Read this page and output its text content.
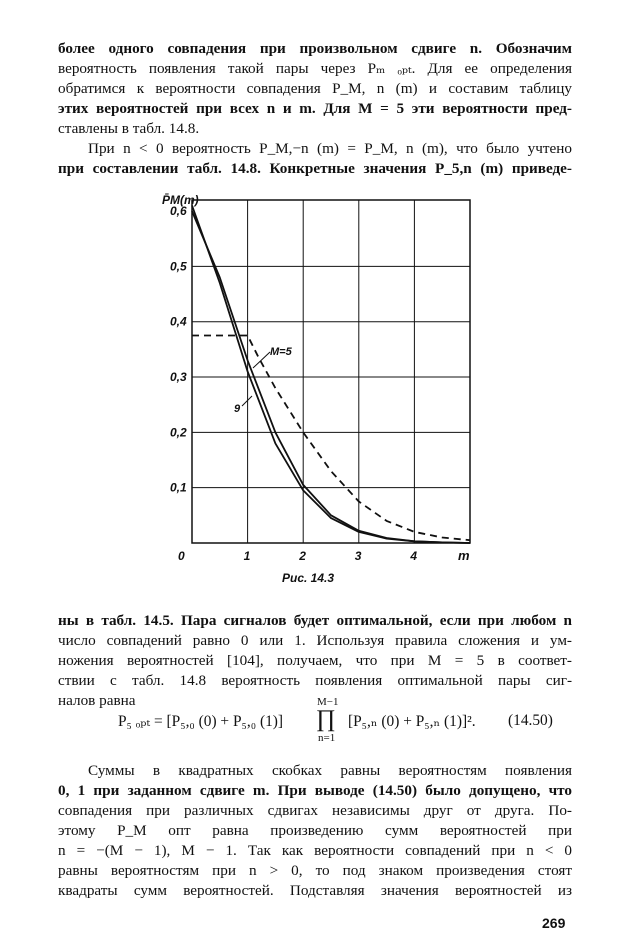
более одного совпадения при произвольном сдвиге n. Обозначим
вероятность появления такой пары через Pₘ ₒₚₜ. Для ее определения
обратимся к вероятности совпадения P_M, n (m) и составим таблицу
этих вероятностей при всех n и m. Для M = 5 эти вероятности пред-
ставлены в табл. 14.8.
При n < 0 вероятность P_M,−n (m) = P_M, n (m), что было учтено
при составлении табл. 14.8. Конкретные значения P_5,n (m) приведе-
0,6
0,5
0,4
0,3
0,2
0,1
0	1	2	3	4
P̄M(m)
m
M=5
9
Рис. 14.3
ны в табл. 14.5. Пара сигналов будет оптимальной, если при любом n
число совпадений равно 0 или 1. Используя правила сложения и ум-
ножения вероятностей [104], получаем, что при M = 5 в соответ-
ствии с табл. 14.8 вероятность появления оптимальной пары сиг-
налов равна
P₅ ₒₚₜ = [P₅,₀ (0) + P₅,₀ (1)]
M−1
∏
n=1
[P₅,ₙ (0) + P₅,ₙ (1)]². (14.50)
Суммы в квадратных скобках равны вероятностям появления
0, 1 при заданном сдвиге m. При выводе (14.50) было допущено, что
совпадения при различных сдвигах независимы друг от друга. По-
этому P_M опт равна произведению сумм вероятностей при
n = −(M − 1), M − 1. Так как вероятности совпадений при n < 0
равны вероятностям при n > 0, то под знаком произведения стоят
квадраты сумм вероятностей. Подставляя значения вероятностей из
269
